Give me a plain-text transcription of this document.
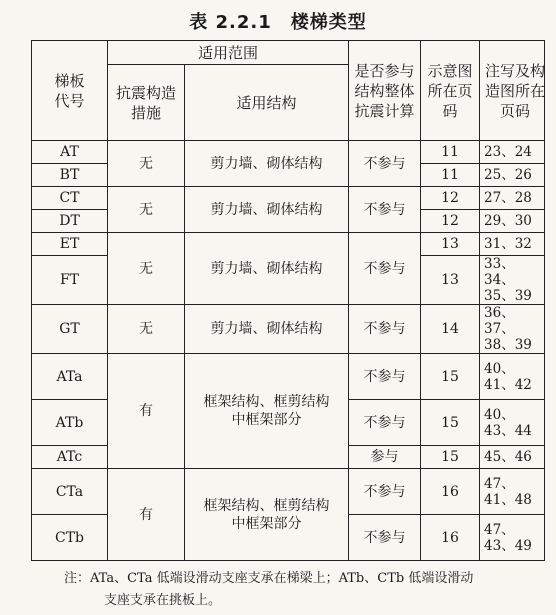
表 2.2.1　楼梯类型
梯板代号	适用范围		是否参与结构整体抗震计算	示意图所在页码	注写及构造图所在页码

	抗震构造措施	适用结构			
AT	无	剪力墙、砌体结构	不参与	11	23、24
BT				11	25、26
CT	无	剪力墙、砌体结构	不参与	12	27、28
DT				12	29、30
ET	无	剪力墙、砌体结构	不参与	13	31、32
FT				13	33、34、35、39

GT	无	剪力墙、砌体结构	不参与	14	36、37、38、39

ATa	有	框架结构、框剪结构中框架部分	不参与	15	40、41、42

ATb			不参与	15	40、43、44

ATc			参与	15	45、46
CTa	有	框架结构、框剪结构中框架部分	不参与	16	47、41、48

CTb			不参与	16	47、43、49
注：ATa、CTa 低端设滑动支座支承在梯梁上；ATb、CTb 低端设滑动
支座支承在挑板上。
